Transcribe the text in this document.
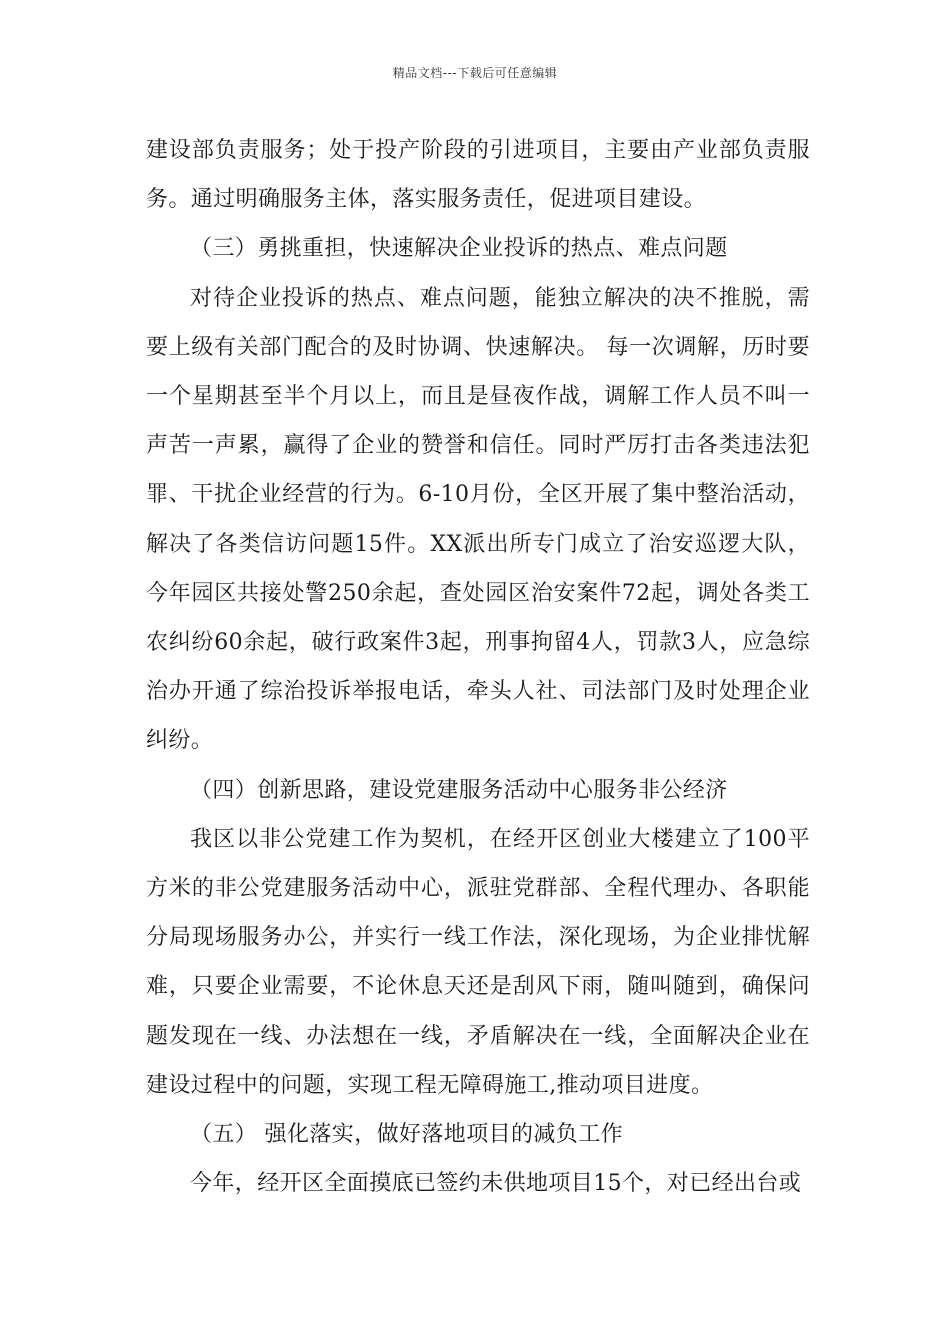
精品文档---下载后可任意编辑

建设部负责服务；处于投产阶段的引进项目，主要由产业部负责服务。通过明确服务主体，落实服务责任，促进项目建设。

（三）勇挑重担，快速解决企业投诉的热点、难点问题

对待企业投诉的热点、难点问题，能独立解决的决不推脱，需要上级有关部门配合的及时协调、快速解决。 每一次调解，历时要一个星期甚至半个月以上，而且是昼夜作战，调解工作人员不叫一声苦一声累，赢得了企业的赞誉和信任。同时严厉打击各类违法犯罪、干扰企业经营的行为。6-10月份，全区开展了集中整治活动，解决了各类信访问题15件。XX派出所专门成立了治安巡逻大队，今年园区共接处警250余起，查处园区治安案件72起，调处各类工农纠纷60余起，破行政案件3起，刑事拘留4人，罚款3人，应急综治办开通了综治投诉举报电话，牵头人社、司法部门及时处理企业纠纷。

（四）创新思路，建设党建服务活动中心服务非公经济

我区以非公党建工作为契机，在经开区创业大楼建立了100平方米的非公党建服务活动中心，派驻党群部、全程代理办、各职能分局现场服务办公，并实行一线工作法，深化现场，为企业排忧解难，只要企业需要，不论休息天还是刮风下雨，随叫随到，确保问题发现在一线、办法想在一线，矛盾解决在一线，全面解决企业在建设过程中的问题，实现工程无障碍施工,推动项目进度。

（五） 强化落实，做好落地项目的减负工作

今年，经开区全面摸底已签约未供地项目15个，对已经出台或
